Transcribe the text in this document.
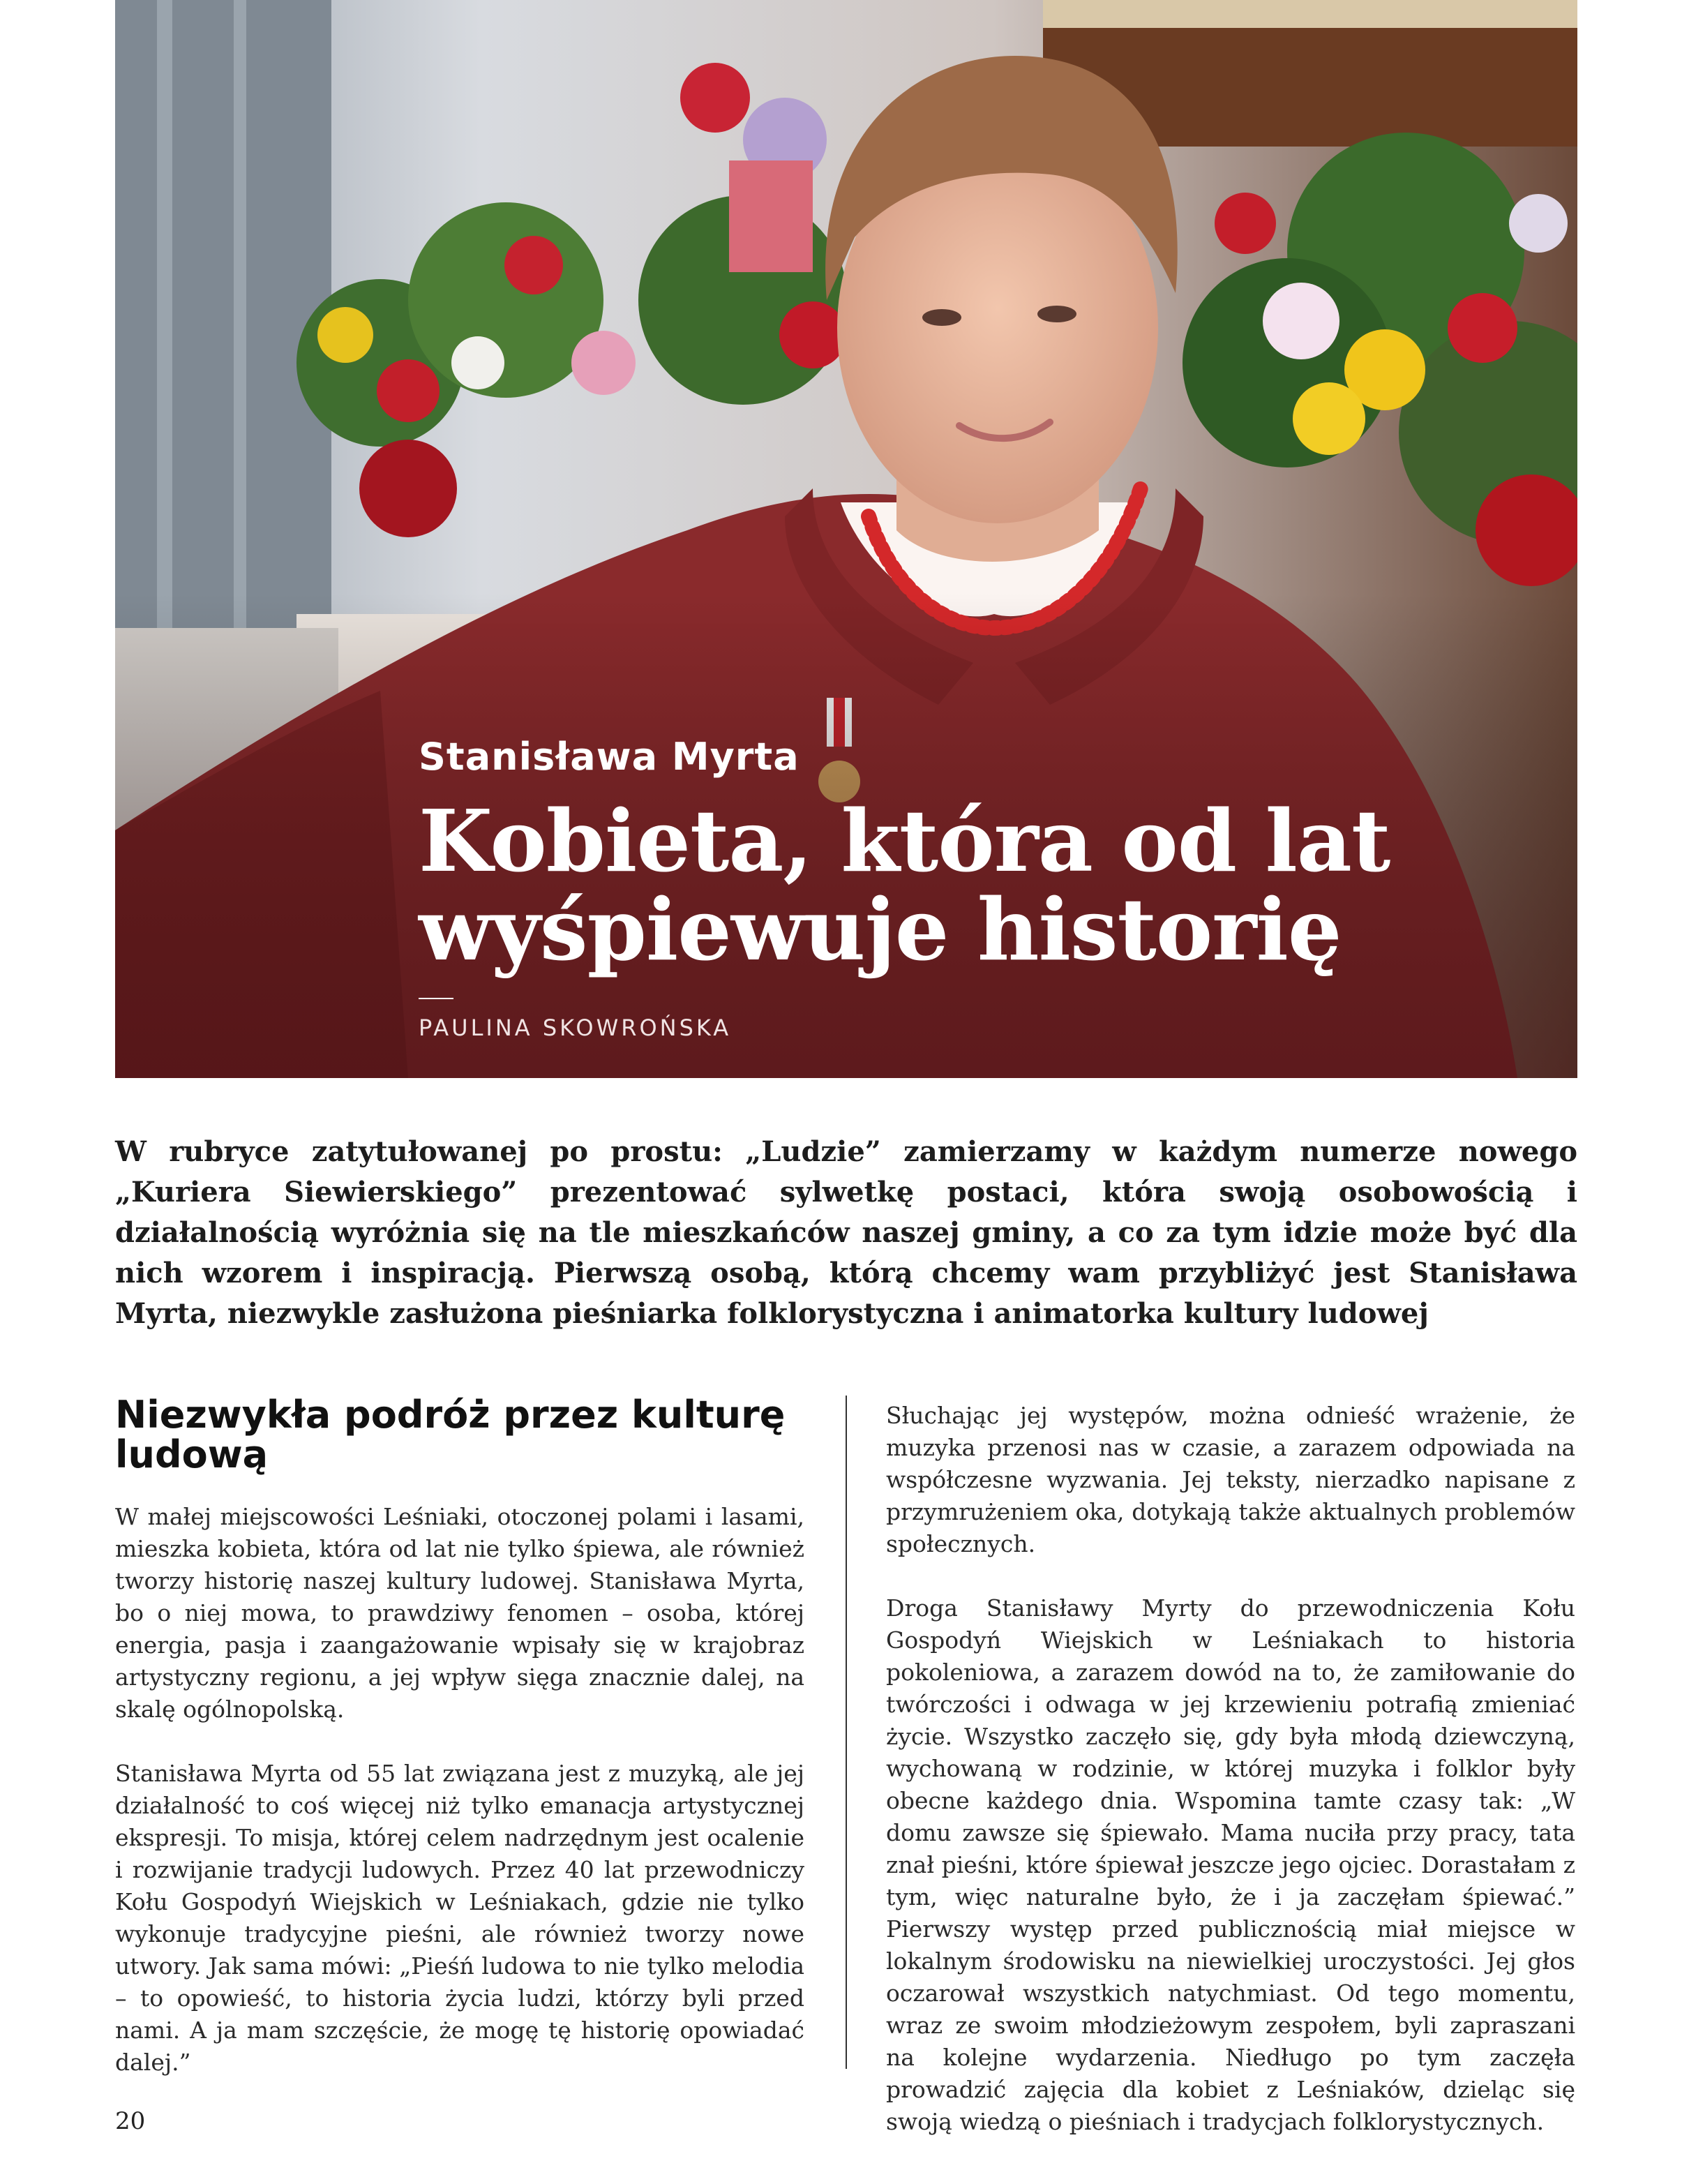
Stanisława Myrta
Kobieta, która od lat
wyśpiewuje historię
PAULINA SKOWROŃSKA

W rubryce zatytułowanej po prostu: „Ludzie” zamierzamy w każdym numerze nowego „Kuriera Siewierskiego” prezentować sylwetkę postaci, która swoją osobowością i działalnością wyróżnia się na tle mieszkańców naszej gminy, a co za tym idzie może być dla nich wzorem i inspiracją. Pierwszą osobą, którą chcemy wam przybliżyć jest Stanisława Myrta, niezwykle zasłużona pieśniarka folklorystyczna i animatorka kultury ludowej

Niezwykła podróż przez kulturę ludową

W małej miejscowości Leśniaki, otoczonej polami i lasami, mieszka kobieta, która od lat nie tylko śpiewa, ale również tworzy historię naszej kultury ludowej. Stanisława Myrta, bo o niej mowa, to prawdziwy fenomen – osoba, której energia, pasja i zaangażowanie wpisały się w krajobraz artystyczny regionu, a jej wpływ sięga znacznie dalej, na skalę ogólnopolską.

Stanisława Myrta od 55 lat związana jest z muzyką, ale jej działalność to coś więcej niż tylko emanacja artystycznej ekspresji. To misja, której celem nadrzędnym jest ocalenie i rozwijanie tradycji ludowych. Przez 40 lat przewodniczy Kołu Gospodyń Wiejskich w Leśniakach, gdzie nie tylko wykonuje tradycyjne pieśni, ale również tworzy nowe utwory. Jak sama mówi: „Pieśń ludowa to nie tylko melodia – to opowieść, to historia życia ludzi, którzy byli przed nami. A ja mam szczęście, że mogę tę historię opowiadać dalej.”

Słuchając jej występów, można odnieść wrażenie, że muzyka przenosi nas w czasie, a zarazem odpowiada na współczesne wyzwania. Jej teksty, nierzadko napisane z przymrużeniem oka, dotykają także aktualnych problemów społecznych.

Droga Stanisławy Myrty do przewodniczenia Kołu Gospodyń Wiejskich w Leśniakach to historia pokoleniowa, a zarazem dowód na to, że zamiłowanie do twórczości i odwaga w jej krzewieniu potrafią zmieniać życie. Wszystko zaczęło się, gdy była młodą dziewczyną, wychowaną w rodzinie, w której muzyka i folklor były obecne każdego dnia. Wspomina tamte czasy tak: „W domu zawsze się śpiewało. Mama nuciła przy pracy, tata znał pieśni, które śpiewał jeszcze jego ojciec. Dorastałam z tym, więc naturalne było, że i ja zaczęłam śpiewać.” Pierwszy występ przed publicznością miał miejsce w lokalnym środowisku na niewielkiej uroczystości. Jej głos oczarował wszystkich natychmiast. Od tego momentu, wraz ze swoim młodzieżowym zespołem, byli zapraszani na kolejne wydarzenia. Niedługo po tym zaczęła prowadzić zajęcia dla kobiet z Leśniaków, dzieląc się swoją wiedzą o pieśniach i tradycjach folklorystycznych.

20
